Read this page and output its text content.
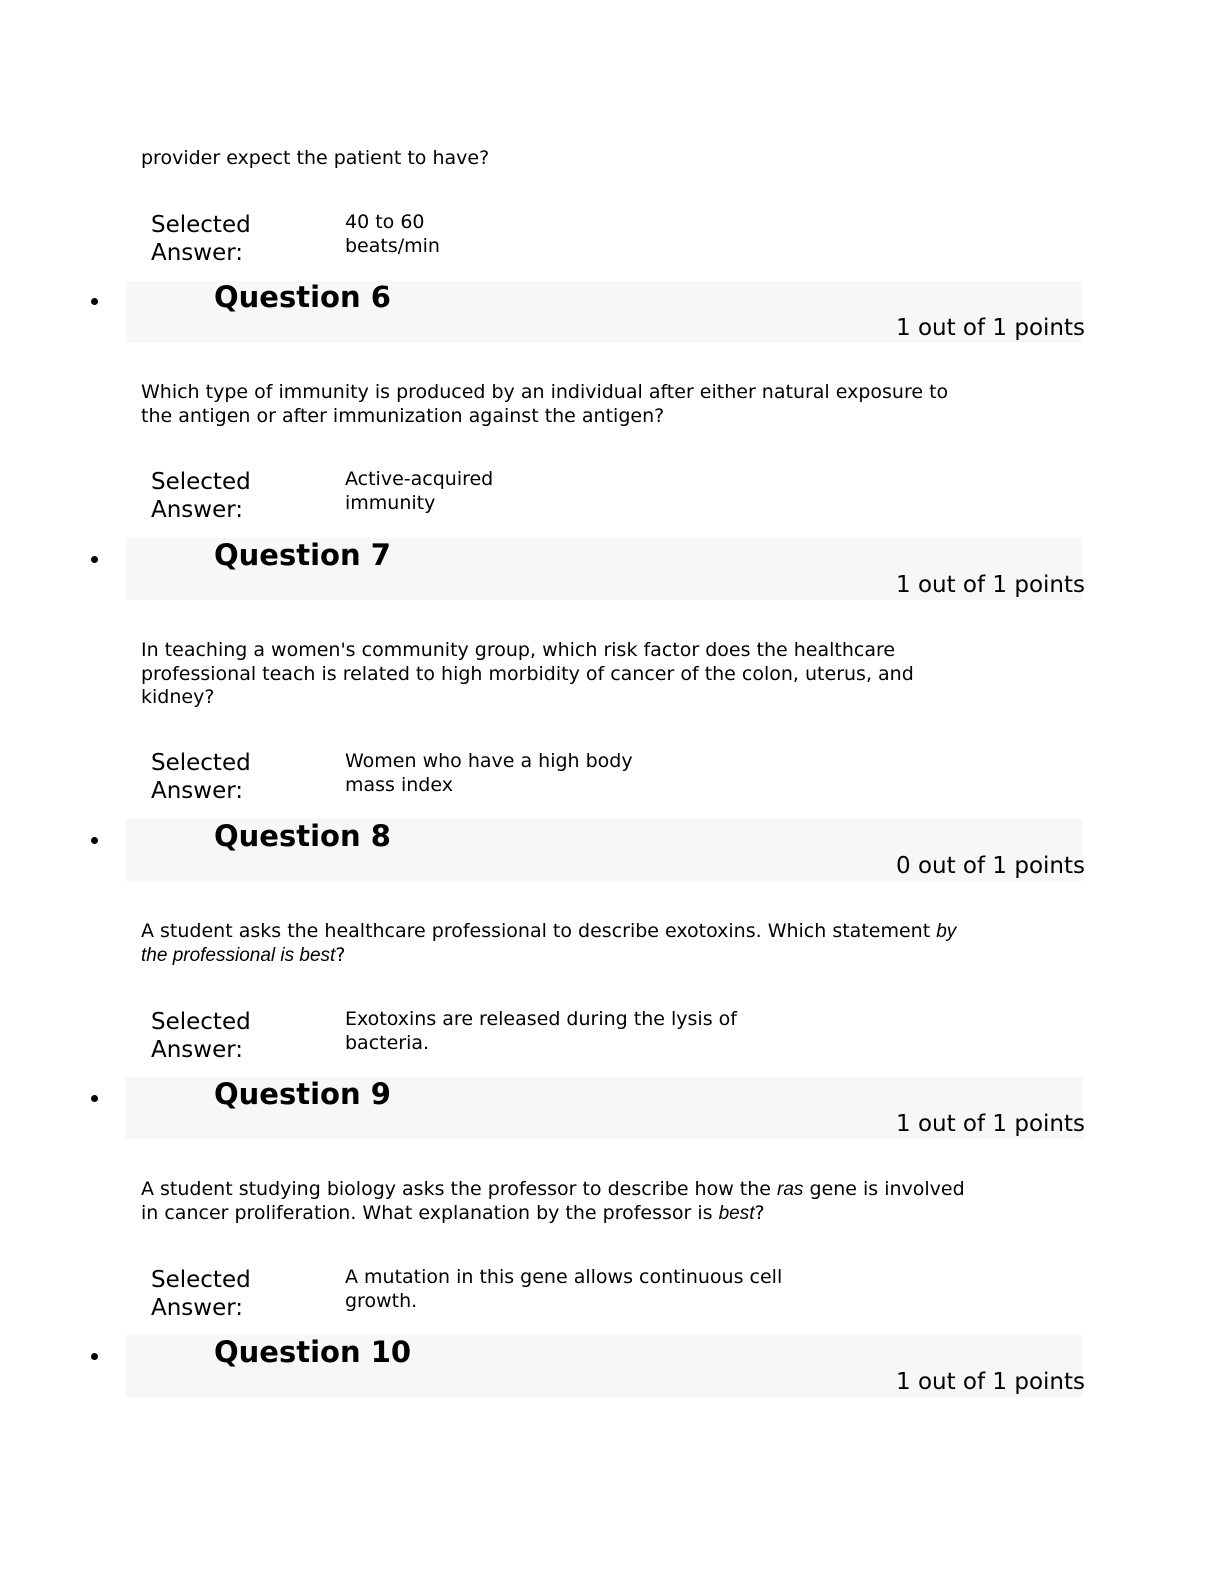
provider expect the patient to have?
Selected
Answer:
40 to 60
beats/min
Question 6
1 out of 1 points
Which type of immunity is produced by an individual after either natural exposure to
the antigen or after immunization against the antigen?
Selected
Answer:
Active-acquired
immunity
Question 7
1 out of 1 points
In teaching a women's community group, which risk factor does the healthcare
professional teach is related to high morbidity of cancer of the colon, uterus, and
kidney?
Selected
Answer:
Women who have a high body
mass index
Question 8
0 out of 1 points
A student asks the healthcare professional to describe exotoxins. Which statement by
the professional is best?
Selected
Answer:
Exotoxins are released during the lysis of
bacteria.
Question 9
1 out of 1 points
A student studying biology asks the professor to describe how the ras gene is involved
in cancer proliferation. What explanation by the professor is best?
Selected
Answer:
A mutation in this gene allows continuous cell
growth.
Question 10
1 out of 1 points
